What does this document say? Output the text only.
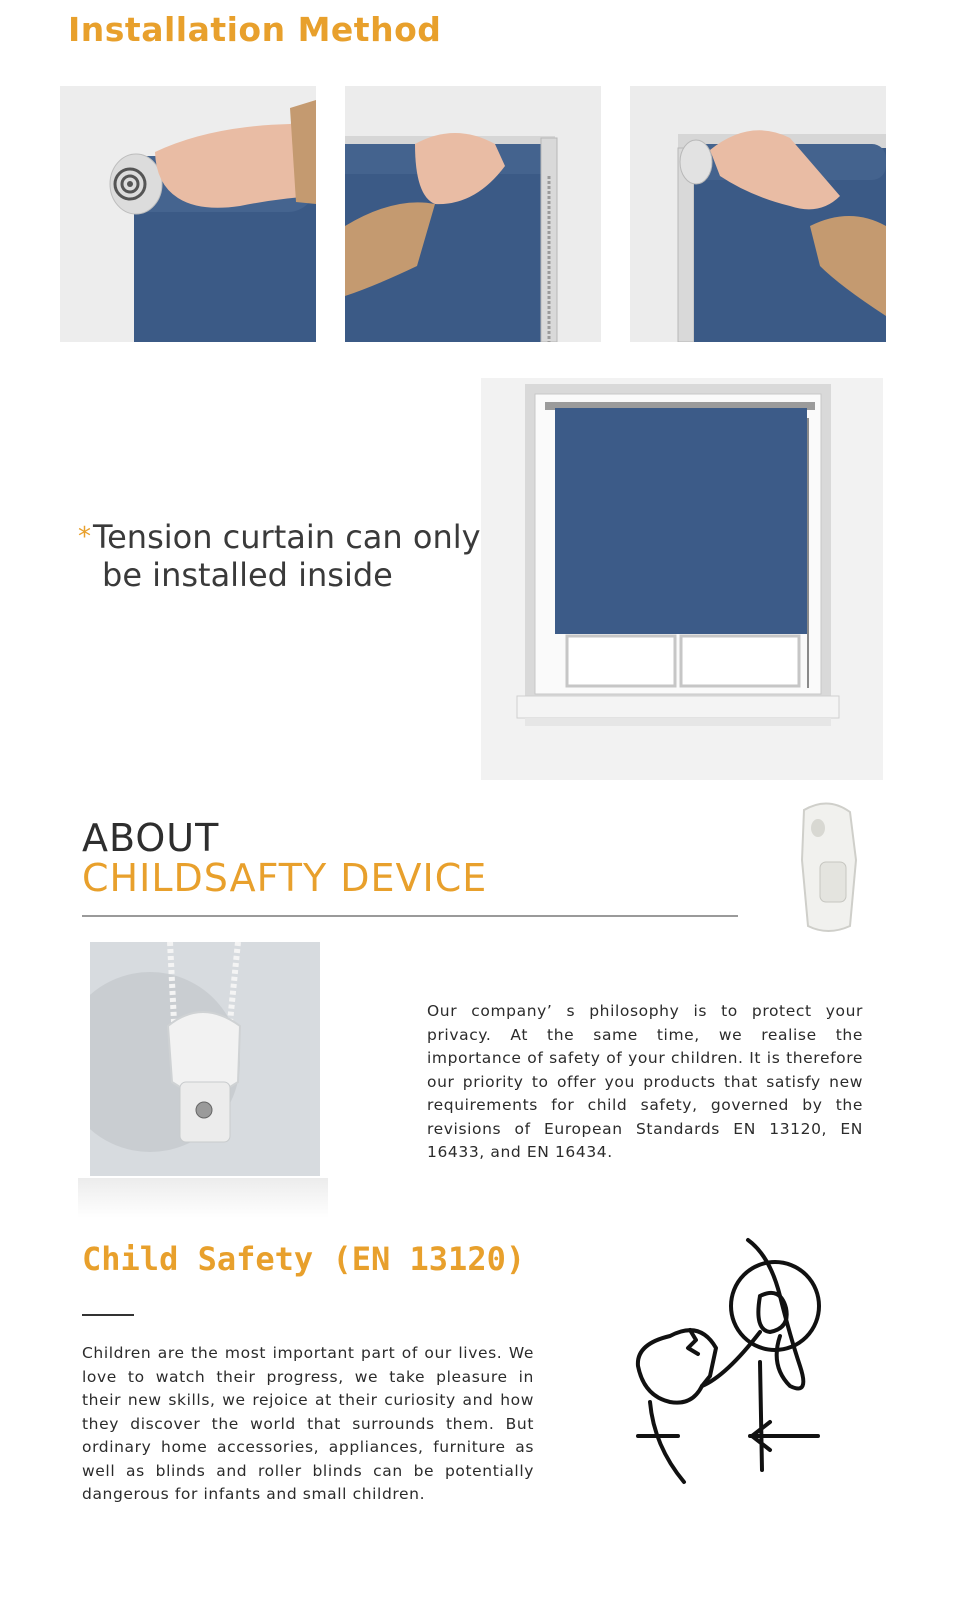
Installation Method
*Tension curtain can only
be installed inside
ABOUT
CHILDSAFTY DEVICE

Our company’ s philosophy is to protect your privacy. At the same time, we realise the importance of safety of your children. It is therefore our priority to offer you products that satisfy new requirements for child safety, governed by the revisions of European Standards EN 13120, EN 16433, and EN 16434.

Child Safety (EN 13120)

Children are the most important part of our lives. We love to watch their progress, we take pleasure in their new skills, we rejoice at their curiosity and how they discover the world that surrounds them. But ordinary home accessories, appliances, furniture as well as blinds and roller blinds can be potentially dangerous for infants and small children.
